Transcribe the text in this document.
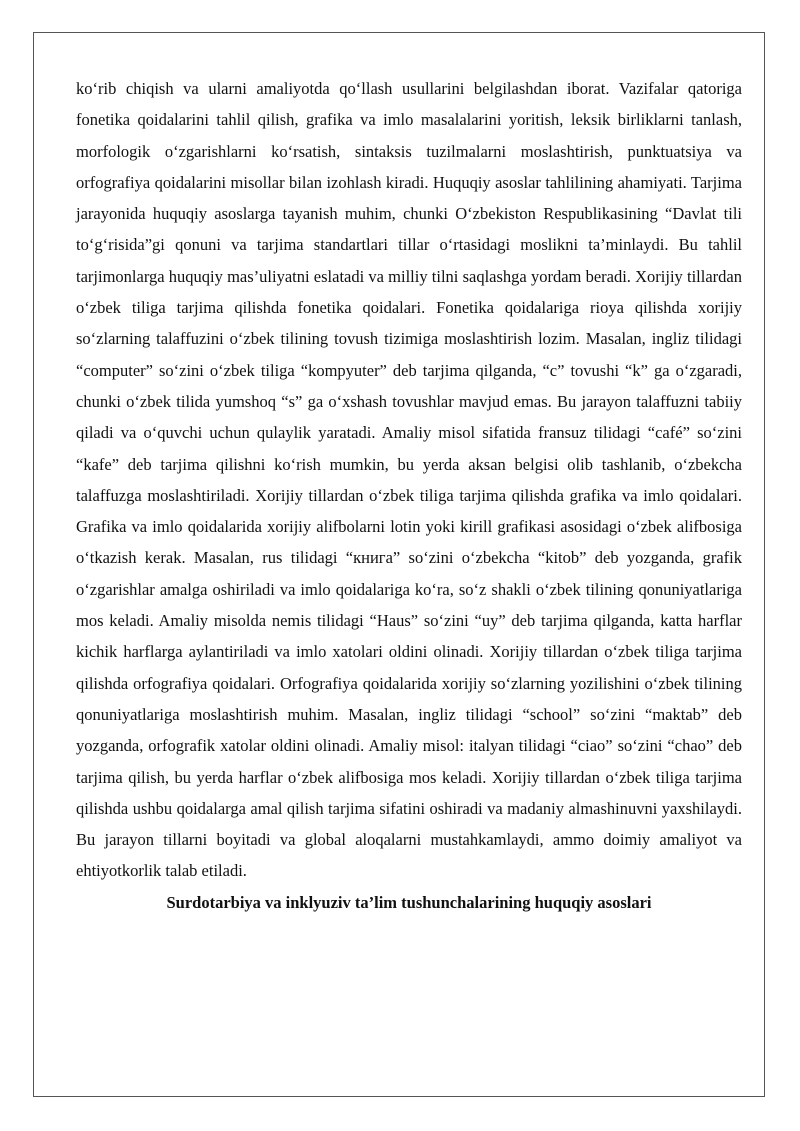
ko‘rib chiqish va ularni amaliyotda qo‘llash usullarini belgilashdan iborat. Vazifalar qatoriga fonetika qoidalarini tahlil qilish, grafika va imlo masalalarini yoritish, leksik birliklarni tanlash, morfologik o‘zgarishlarni ko‘rsatish, sintaksis tuzilmalarni moslashtirish, punktuatsiya va orfografiya qoidalarini misollar bilan izohlash kiradi. Huquqiy asoslar tahlilining ahamiyati. Tarjima jarayonida huquqiy asoslarga tayanish muhim, chunki O‘zbekiston Respublikasining “Davlat tili to‘g‘risida”gi qonuni va tarjima standartlari tillar o‘rtasidagi moslikni ta’minlaydi. Bu tahlil tarjimonlarga huquqiy mas’uliyatni eslatadi va milliy tilni saqlashga yordam beradi. Xorijiy tillardan o‘zbek tiliga tarjima qilishda fonetika qoidalari. Fonetika qoidalariga rioya qilishda xorijiy so‘zlarning talaffuzini o‘zbek tilining tovush tizimiga moslashtirish lozim. Masalan, ingliz tilidagi “computer” so‘zini o‘zbek tiliga “kompyuter” deb tarjima qilganda, “c” tovushi “k” ga o‘zgaradi, chunki o‘zbek tilida yumshoq “s” ga o‘xshash tovushlar mavjud emas. Bu jarayon talaffuzni tabiiy qiladi va o‘quvchi uchun qulaylik yaratadi. Amaliy misol sifatida fransuz tilidagi “café” so‘zini “kafe” deb tarjima qilishni ko‘rish mumkin, bu yerda aksan belgisi olib tashlanib, o‘zbekcha talaffuzga moslashtiriladi. Xorijiy tillardan o‘zbek tiliga tarjima qilishda grafika va imlo qoidalari. Grafika va imlo qoidalarida xorijiy alifbolarni lotin yoki kirill grafikasi asosidagi o‘zbek alifbosiga o‘tkazish kerak. Masalan, rus tilidagi “книга” so‘zini o‘zbekcha “kitob” deb yozganda, grafik o‘zgarishlar amalga oshiriladi va imlo qoidalariga ko‘ra, so‘z shakli o‘zbek tilining qonuniyatlariga mos keladi. Amaliy misolda nemis tilidagi “Haus” so‘zini “uy” deb tarjima qilganda, katta harflar kichik harflarga aylantiriladi va imlo xatolari oldini olinadi. Xorijiy tillardan o‘zbek tiliga tarjima qilishda orfografiya qoidalari. Orfografiya qoidalarida xorijiy so‘zlarning yozilishini o‘zbek tilining qonuniyatlariga moslashtirish muhim. Masalan, ingliz tilidagi “school” so‘zini “maktab” deb yozganda, orfografik xatolar oldini olinadi. Amaliy misol: italyan tilidagi “ciao” so‘zini “chao” deb tarjima qilish, bu yerda harflar o‘zbek alifbosiga mos keladi. Xorijiy tillardan o‘zbek tiliga tarjima qilishda ushbu qoidalarga amal qilish tarjima sifatini oshiradi va madaniy almashinuvni yaxshilaydi. Bu jarayon tillarni boyitadi va global aloqalarni mustahkamlaydi, ammo doimiy amaliyot va ehtiyotkorlik talab etiladi.

Surdotarbiya va inklyuziv ta’lim tushunchalarining huquqiy asoslari
